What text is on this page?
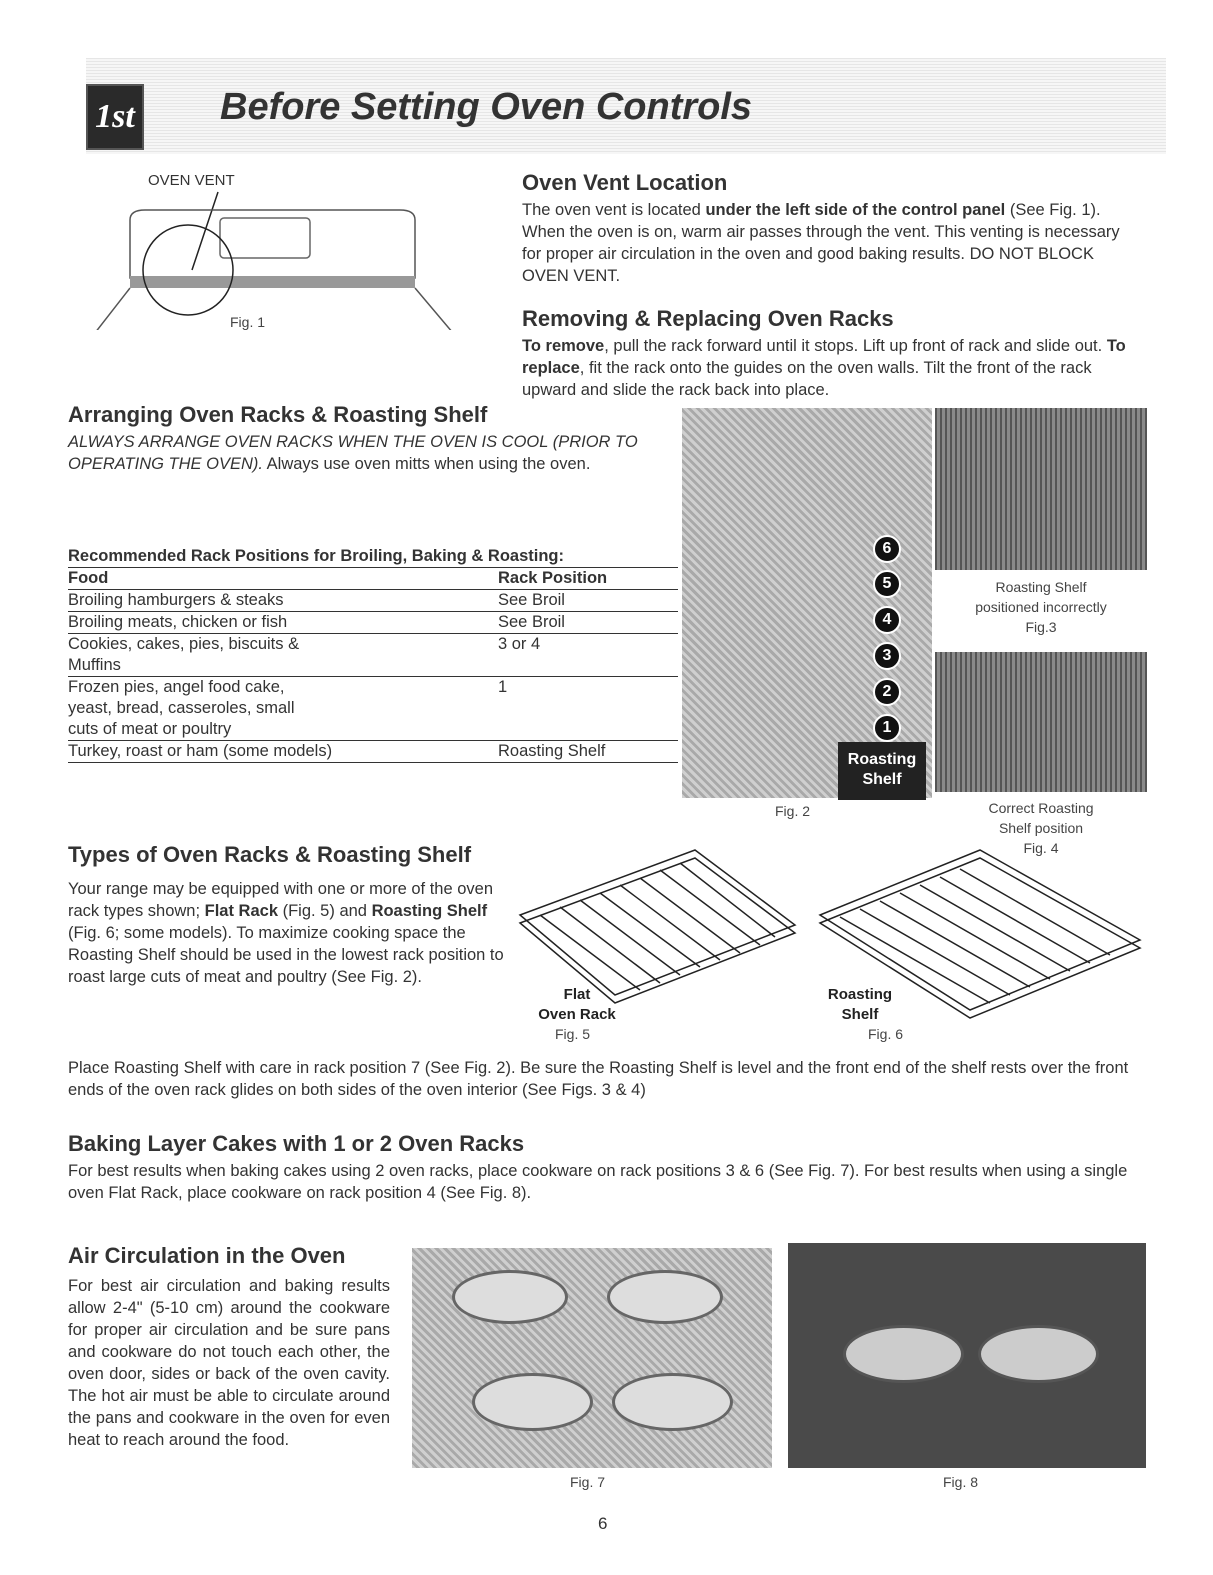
1st Before Setting Oven Controls
OVEN VENT
Fig. 1
Oven Vent Location

The oven vent is located under the left side of the control panel (See Fig. 1). When the oven is on, warm air passes through the vent. This venting is necessary for proper air circulation in the oven and good baking results. DO NOT BLOCK OVEN VENT.

Removing & Replacing Oven Racks

To remove, pull the rack forward until it stops. Lift up front of rack and slide out. To replace, fit the rack onto the guides on the oven walls. Tilt the front of the rack upward and slide the rack back into place.

Arranging Oven Racks & Roasting Shelf

ALWAYS ARRANGE OVEN RACKS WHEN THE OVEN IS COOL (PRIOR TO OPERATING THE OVEN). Always use oven mitts when using the oven.

Recommended Rack Positions for Broiling, Baking & Roasting:
Food	Rack Position
Broiling hamburgers & steaks	See Broil
Broiling meats, chicken or fish	See Broil
Cookies, cakes, pies, biscuits & Muffins	3 or 4
Frozen pies, angel food cake, yeast, bread, casseroles, small cuts of meat or poultry	1
Turkey, roast or ham (some models)	Roasting Shelf
6
5
4
3
2
1
Roasting
Shelf
Fig. 2
Roasting Shelf
positioned incorrectly
Fig.3
Correct Roasting
Shelf position
Fig. 4
Types of Oven Racks & Roasting Shelf

Your range may be equipped with one or more of the oven rack types shown; Flat Rack (Fig. 5) and Roasting Shelf (Fig. 6; some models). To maximize cooking space the Roasting Shelf should be used in the lowest rack position to roast large cuts of meat and poultry (See Fig. 2).

Flat
Oven Rack
Fig. 5
Roasting
Shelf
Fig. 6

Place Roasting Shelf with care in rack position 7 (See Fig. 2). Be sure the Roasting Shelf is level and the front end of the shelf rests over the front ends of the oven rack glides on both sides of the oven interior (See Figs. 3 & 4)

Baking Layer Cakes with 1 or 2 Oven Racks

For best results when baking cakes using 2 oven racks, place cookware on rack positions 3 & 6 (See Fig. 7). For best results when using a single oven Flat Rack, place cookware on rack position 4 (See Fig. 8).

Air Circulation in the Oven

For best air circulation and baking results allow 2-4" (5-10 cm) around the cookware for proper air circulation and be sure pans and cookware do not touch each other, the oven door, sides or back of the oven cavity. The hot air must be able to circulate around the pans and cookware in the oven for even heat to reach around the food.

Fig. 7	Fig. 8
6
